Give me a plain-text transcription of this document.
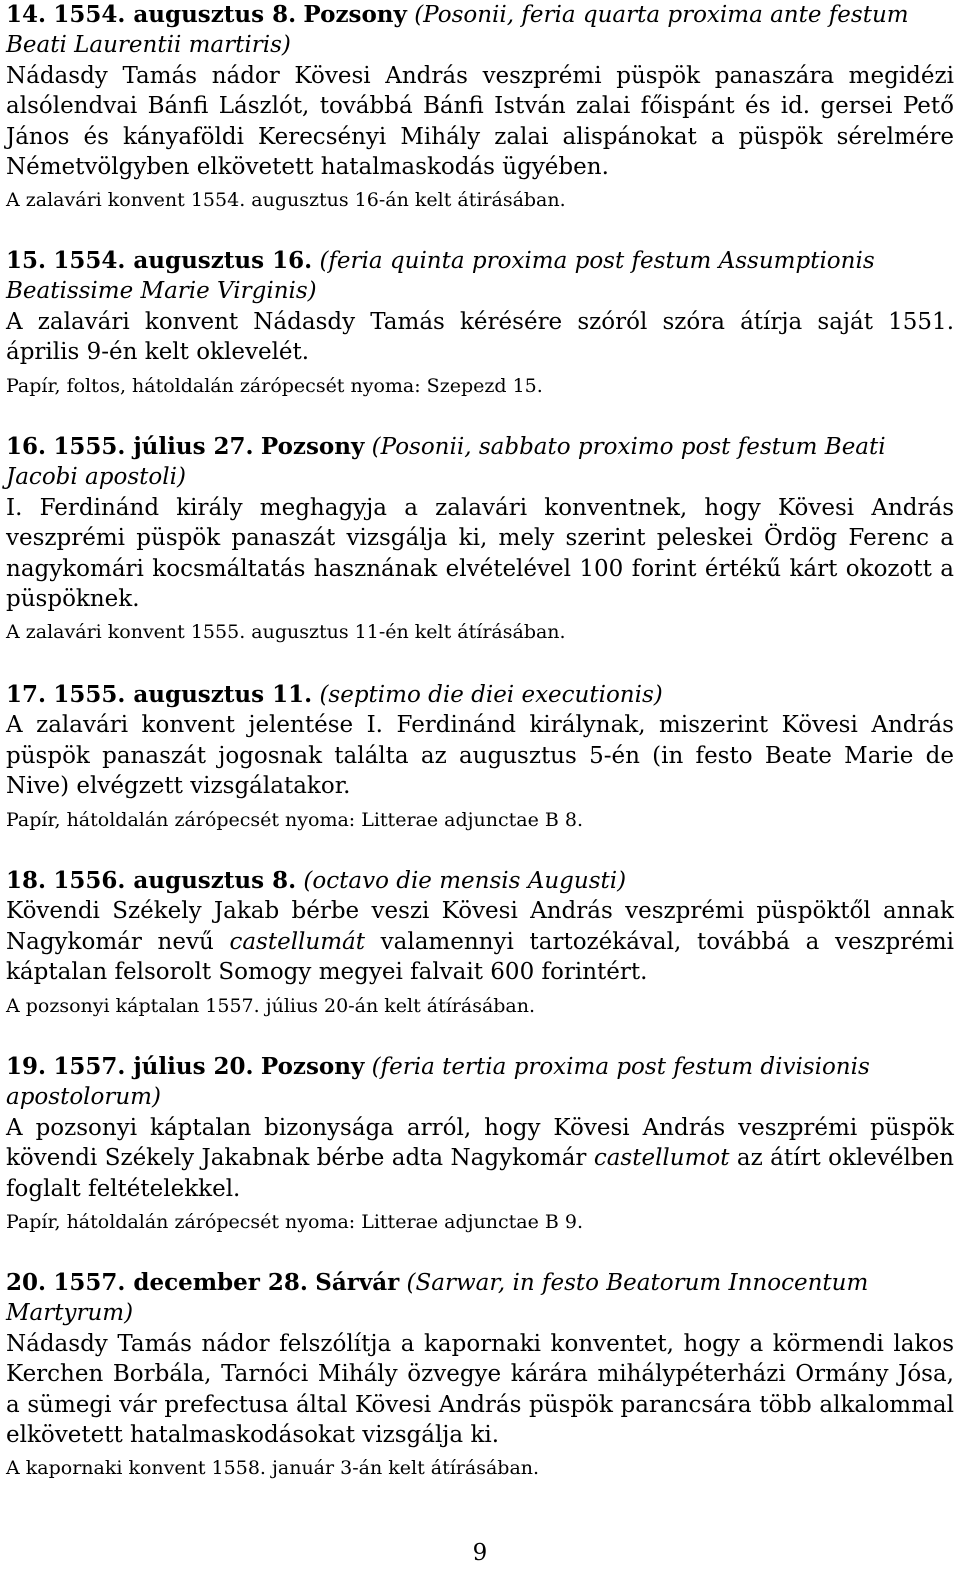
14. 1554. augusztus 8. Pozsony (Posonii, feria quarta proxima ante festum Beati Laurentii martiris)

Nádasdy Tamás nádor Kövesi András veszprémi püspök panaszára megidézi alsólendvai Bánfi Lászlót, továbbá Bánfi István zalai főispánt és id. gersei Pető János és kányaföldi Kerecsényi Mihály zalai alispánokat a püspök sérelmére Németvölgyben elkövetett hatalmaskodás ügyében.

A zalavári konvent 1554. augusztus 16-án kelt átirásában.

15. 1554. augusztus 16. (feria quinta proxima post festum Assumptionis Beatissime Marie Virginis)

A zalavári konvent Nádasdy Tamás kérésére szóról szóra átírja saját 1551. április 9-én kelt oklevelét.

Papír, foltos, hátoldalán zárópecsét nyoma: Szepezd 15.

16. 1555. július 27. Pozsony (Posonii, sabbato proximo post festum Beati Jacobi apostoli)

I. Ferdinánd király meghagyja a zalavári konventnek, hogy Kövesi András veszprémi püspök panaszát vizsgálja ki, mely szerint peleskei Ördög Ferenc a nagykomári kocsmáltatás hasznának elvételével 100 forint értékű kárt okozott a püspöknek.

A zalavári konvent 1555. augusztus 11-én kelt átírásában.

17. 1555. augusztus 11. (septimo die diei executionis)

A zalavári konvent jelentése I. Ferdinánd királynak, miszerint Kövesi András püspök panaszát jogosnak találta az augusztus 5-én (in festo Beate Marie de Nive) elvégzett vizsgálatakor.

Papír, hátoldalán zárópecsét nyoma: Litterae adjunctae B 8.

18. 1556. augusztus 8. (octavo die mensis Augusti)

Kövendi Székely Jakab bérbe veszi Kövesi András veszprémi püspöktől annak Nagykomár nevű castellumát valamennyi tartozékával, továbbá a veszprémi káptalan felsorolt Somogy megyei falvait 600 forintért.

A pozsonyi káptalan 1557. július 20-án kelt átírásában.

19. 1557. július 20. Pozsony (feria tertia proxima post festum divisionis apostolorum)

A pozsonyi káptalan bizonysága arról, hogy Kövesi András veszprémi püspök kövendi Székely Jakabnak bérbe adta Nagykomár castellumot az átírt oklevélben foglalt feltételekkel.

Papír, hátoldalán zárópecsét nyoma: Litterae adjunctae B 9.

20. 1557. december 28. Sárvár (Sarwar, in festo Beatorum Innocentum Martyrum)

Nádasdy Tamás nádor felszólítja a kapornaki konventet, hogy a körmendi lakos Kerchen Borbála, Tarnóci Mihály özvegye kárára mihálypéterházi Ormány Jósa, a sümegi vár prefectusa által Kövesi András püspök parancsára több alkalommal elkövetett hatalmaskodásokat vizsgálja ki.

A kapornaki konvent 1558. január 3-án kelt átírásában.

9
